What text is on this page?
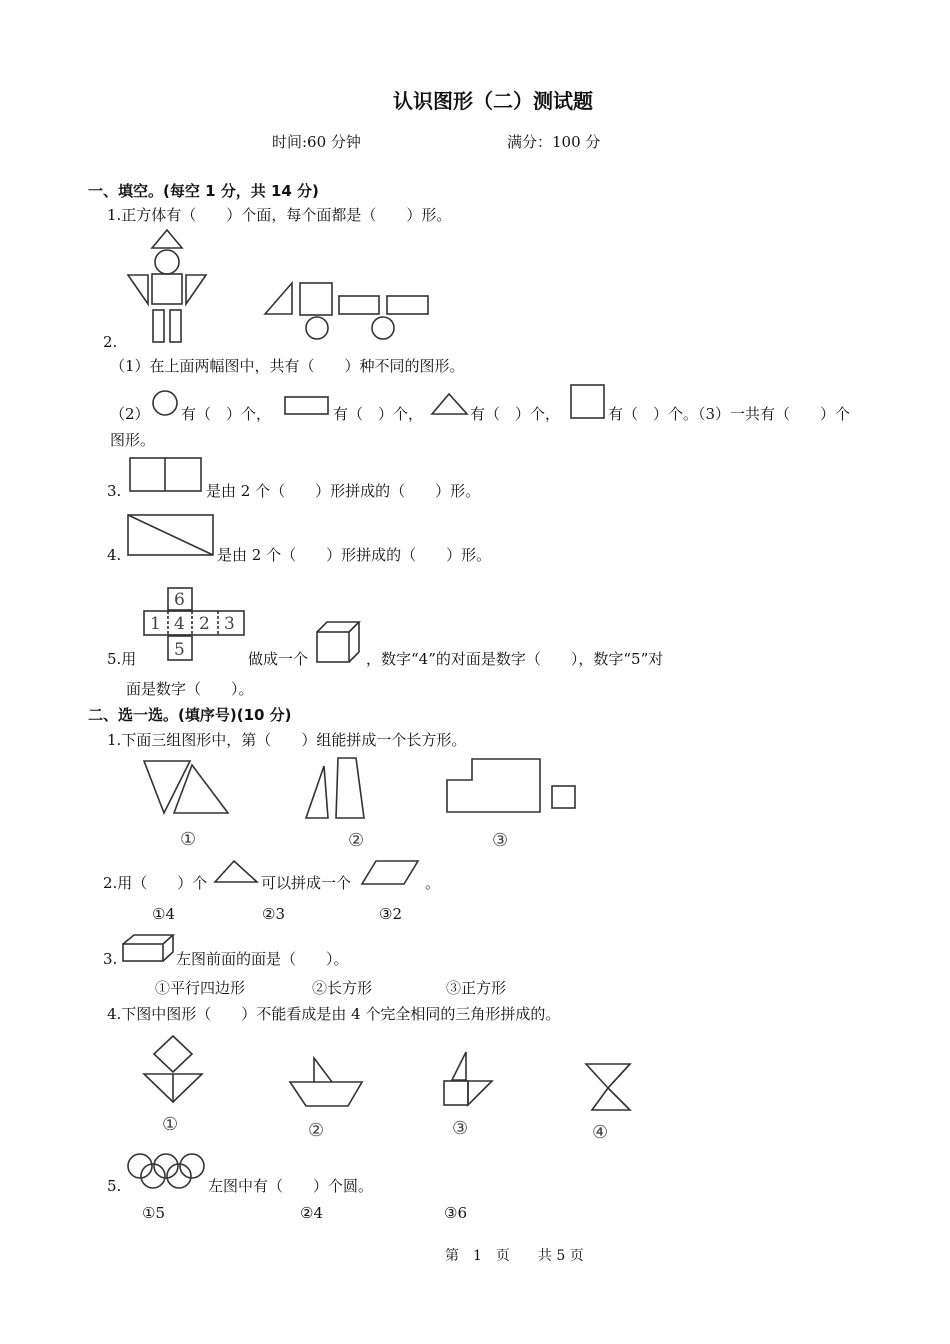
认识图形（二）测试题
时间:60 分钟	满分：100 分
一、填空。(每空 1 分，共 14 分)
1.正方体有（　　）个面，每个面都是（　　）形。
2.
（1）在上面两幅图中，共有（　　）种不同的图形。
（2） 有（　）个，	有（　）个，	有（　）个，	有（　）个。（3）一共有（　　）个
图形。
3.	是由 2 个（　　）形拼成的（　　）形。
4.	是由 2 个（　　）形拼成的（　　）形。
5.用
6
1 4 2 3
5	做成一个	，数字“4”的对面是数字（　　），数字“5”对
面是数字（　　）。
二、选一选。(填序号)(10 分)
1.下面三组图形中，第（　　）组能拼成一个长方形。
①	②	③
2.用（　　）个	可以拼成一个	。
①4	②3	③2
3.	左图前面的面是（　　）。
①平行四边形	②长方形	③正方形
4.下图中图形（　　）不能看成是由 4 个完全相同的三角形拼成的。
①	②	③	④
5.	左图中有（　　）个圆。
①5	②4	③6
第　1　页　　共 5 页
